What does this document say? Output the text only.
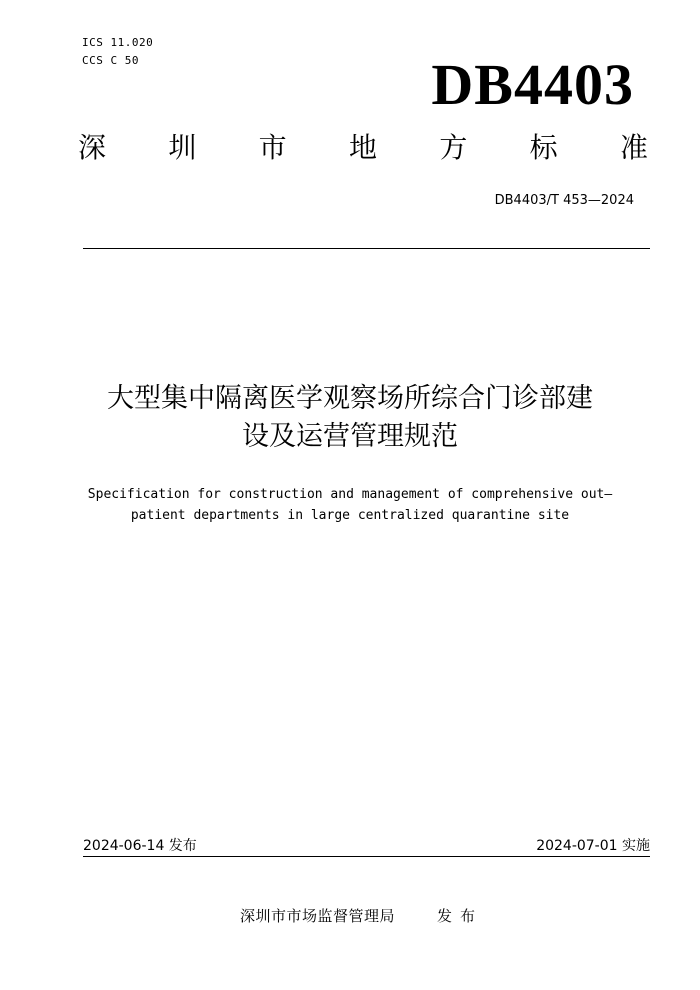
ICS 11.020
CCS C 50	DB4403
深 圳 市 地 方 标 准
DB4403/T 453—2024
大型集中隔离医学观察场所综合门诊部建
设及运营管理规范
Specification for construction and management of comprehensive out—
patient departments in large centralized quarantine site
2024-06-14 发布	2024-07-01 实施
深圳市市场监督管理局	发布
